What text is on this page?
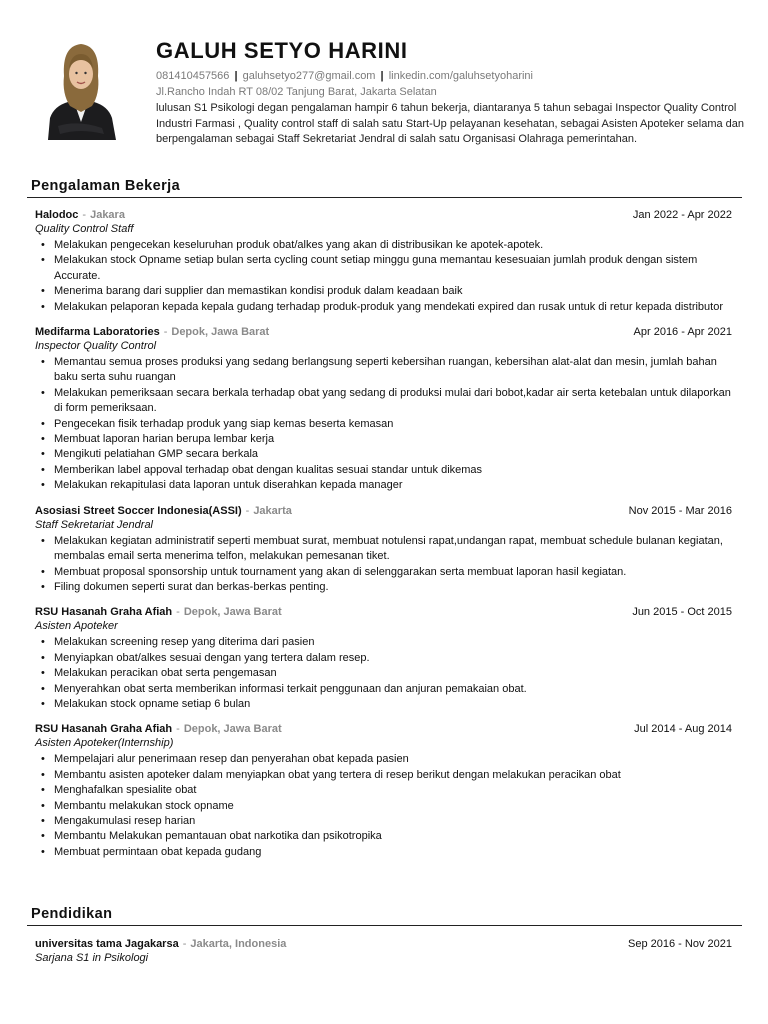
GALUH SETYO HARINI
081410457566 | galuhsetyo277@gmail.com | linkedin.com/galuhsetyoharini
Jl.Rancho Indah RT 08/02 Tanjung Barat, Jakarta Selatan
lulusan S1 Psikologi degan pengalaman hampir 6 tahun bekerja, diantaranya 5 tahun sebagai Inspector Quality Control Industri Farmasi , Quality control staff di salah satu Start-Up pelayanan kesehatan, sebagai Asisten Apoteker selama dan berpengalaman sebagai Staff Sekretariat Jendral di salah satu Organisasi Olahraga pemerintahan.
Pengalaman Bekerja
Halodoc - Jakara	Jan 2022 - Apr 2022
Quality Control Staff
• Melakukan pengecekan keseluruhan produk obat/alkes yang akan di distribusikan ke apotek-apotek.
• Melakukan stock Opname setiap bulan serta cycling count setiap minggu guna memantau kesesuaian jumlah produk dengan sistem Accurate.
• Menerima barang dari supplier dan memastikan kondisi produk dalam keadaan baik
• Melakukan pelaporan kepada kepala gudang terhadap produk-produk yang mendekati expired dan rusak untuk di retur kepada distributor
Medifarma Laboratories - Depok, Jawa Barat	Apr 2016 - Apr 2021
Inspector Quality Control
• Memantau semua proses produksi yang sedang berlangsung seperti kebersihan ruangan, kebersihan alat-alat dan mesin, jumlah bahan baku serta suhu ruangan
• Melakukan pemeriksaan secara berkala terhadap obat yang sedang di produksi mulai dari bobot,kadar air serta ketebalan untuk dilaporkan di form pemeriksaan.
• Pengecekan fisik terhadap produk yang siap kemas beserta kemasan
• Membuat laporan harian berupa lembar kerja
• Mengikuti pelatiahan GMP secara berkala
• Memberikan label appoval terhadap obat dengan kualitas sesuai standar untuk dikemas
• Melakukan rekapitulasi data laporan untuk diserahkan kepada manager
Asosiasi Street Soccer Indonesia(ASSI) - Jakarta	Nov 2015 - Mar 2016
Staff Sekretariat Jendral
• Melakukan kegiatan administratif seperti membuat surat, membuat notulensi rapat,undangan rapat, membuat schedule bulanan kegiatan, membalas email serta menerima telfon, melakukan pemesanan tiket.
• Membuat proposal sponsorship untuk tournament yang akan di selenggarakan serta membuat laporan hasil kegiatan.
• Filing dokumen seperti surat dan berkas-berkas penting.
RSU Hasanah Graha Afiah - Depok, Jawa Barat	Jun 2015 - Oct 2015
Asisten Apoteker
• Melakukan screening resep yang diterima dari pasien
• Menyiapkan obat/alkes sesuai dengan yang tertera dalam resep.
• Melakukan peracikan obat serta pengemasan
• Menyerahkan obat serta memberikan informasi terkait penggunaan dan anjuran pemakaian obat.
• Melakukan stock opname setiap 6 bulan
RSU Hasanah Graha Afiah - Depok, Jawa Barat	Jul 2014 - Aug 2014
Asisten Apoteker(Internship)
• Mempelajari alur penerimaan resep dan penyerahan obat kepada pasien
• Membantu asisten apoteker dalam menyiapkan obat yang tertera di resep berikut dengan melakukan peracikan obat
• Menghafalkan spesialite obat
• Membantu melakukan stock opname
• Mengakumulasi resep harian
• Membantu Melakukan pemantauan obat narkotika dan psikotropika
• Membuat permintaan obat kepada gudang
Pendidikan
universitas tama Jagakarsa - Jakarta, Indonesia	Sep 2016 - Nov 2021
Sarjana S1 in Psikologi
